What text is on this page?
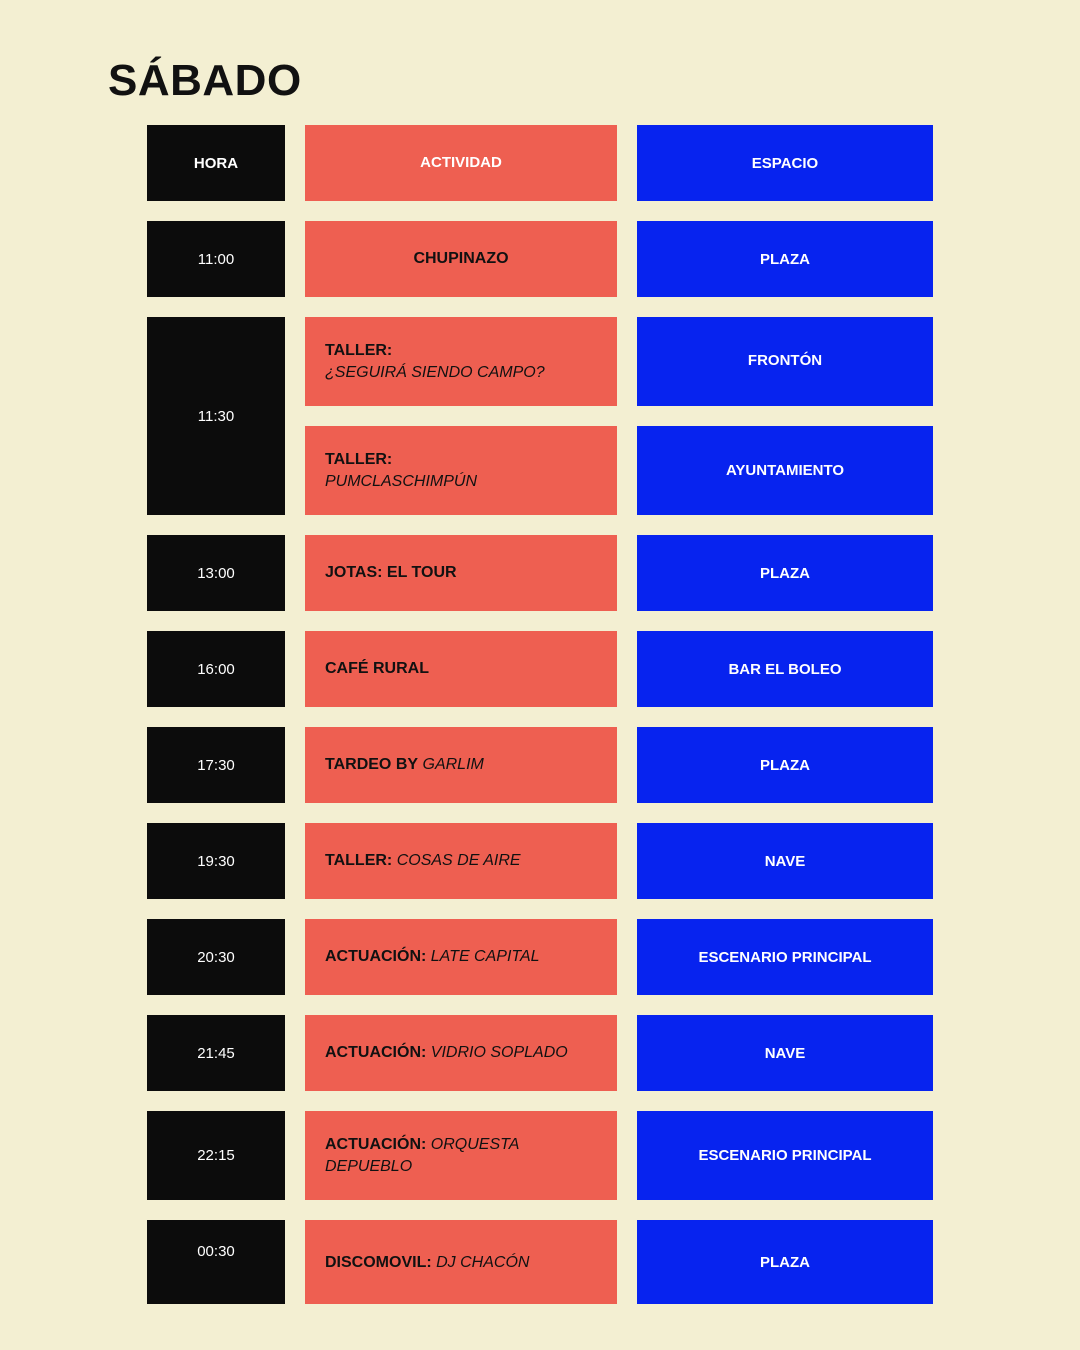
SÁBADO
HORA	ACTIVIDAD	ESPACIO
11:00
11:30
13:00
16:00
17:30
19:30
20:30
21:45
22:15
00:30
CHUPINAZO
TALLER:
¿SEGUIRÁ SIENDO CAMPO?
TALLER:
PUMCLASCHIMPÚN
JOTAS: EL TOUR
CAFÉ RURAL
TARDEO BY GARLIM
TALLER: COSAS DE AIRE
ACTUACIÓN: LATE CAPITAL
ACTUACIÓN: VIDRIO SOPLADO
ACTUACIÓN: ORQUESTA DEPUEBLO
DISCOMOVIL: DJ CHACÓN
PLAZA
FRONTÓN
AYUNTAMIENTO
PLAZA
BAR EL BOLEO
PLAZA
NAVE
ESCENARIO PRINCIPAL
NAVE
ESCENARIO PRINCIPAL
PLAZA
